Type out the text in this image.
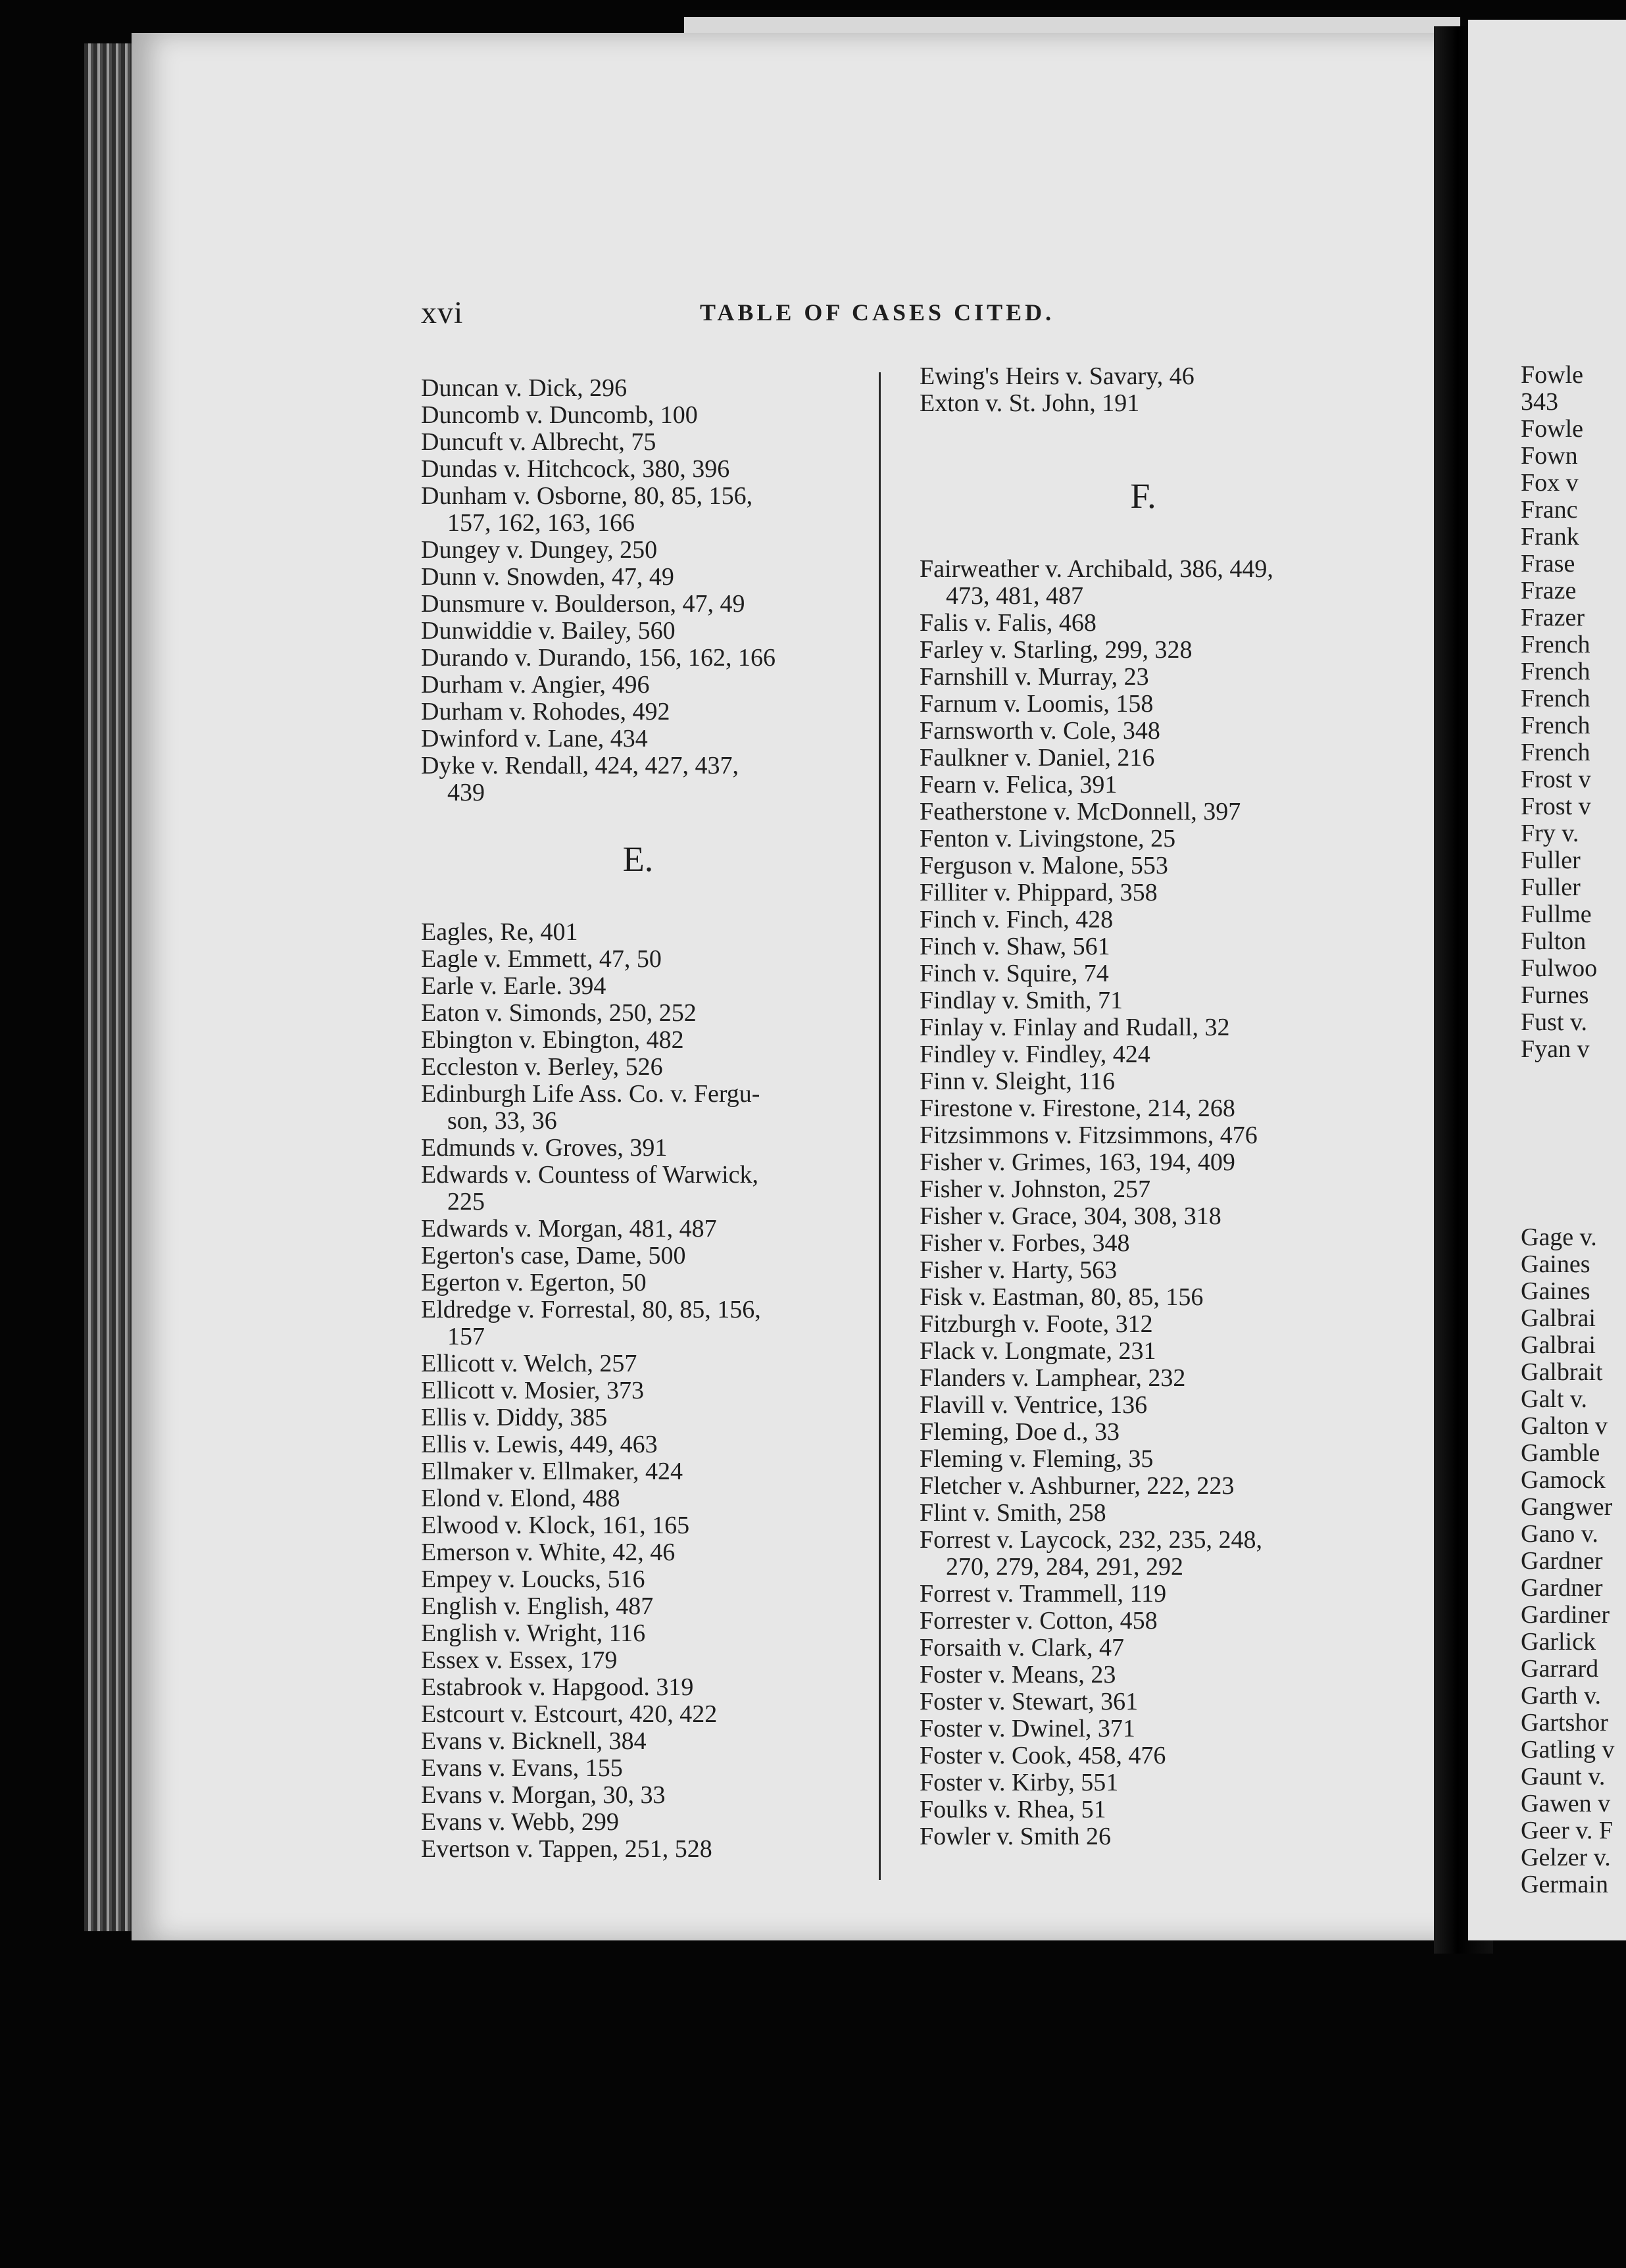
xvi	TABLE OF CASES CITED.
Duncan v. Dick, 296
Duncomb v. Duncomb, 100
Duncuft v. Albrecht, 75
Dundas v. Hitchcock, 380, 396
Dunham v. Osborne, 80, 85, 156,
157, 162, 163, 166
Dungey v. Dungey, 250
Dunn v. Snowden, 47, 49
Dunsmure v. Boulderson, 47, 49
Dunwiddie v. Bailey, 560
Durando v. Durando, 156, 162, 166
Durham v. Angier, 496
Durham v. Rohodes, 492
Dwinford v. Lane, 434
Dyke v. Rendall, 424, 427, 437,
439
E.
Eagles, Re, 401
Eagle v. Emmett, 47, 50
Earle v. Earle. 394
Eaton v. Simonds, 250, 252
Ebington v. Ebington, 482
Eccleston v. Berley, 526
Edinburgh Life Ass. Co. v. Fergu-
son, 33, 36
Edmunds v. Groves, 391
Edwards v. Countess of Warwick,
225
Edwards v. Morgan, 481, 487
Egerton's case, Dame, 500
Egerton v. Egerton, 50
Eldredge v. Forrestal, 80, 85, 156,
157
Ellicott v. Welch, 257
Ellicott v. Mosier, 373
Ellis v. Diddy, 385
Ellis v. Lewis, 449, 463
Ellmaker v. Ellmaker, 424
Elond v. Elond, 488
Elwood v. Klock, 161, 165
Emerson v. White, 42, 46
Empey v. Loucks, 516
English v. English, 487
English v. Wright, 116
Essex v. Essex, 179
Estabrook v. Hapgood. 319
Estcourt v. Estcourt, 420, 422
Evans v. Bicknell, 384
Evans v. Evans, 155
Evans v. Morgan, 30, 33
Evans v. Webb, 299
Evertson v. Tappen, 251, 528
Ewing's Heirs v. Savary, 46
Exton v. St. John, 191
F.
Fairweather v. Archibald, 386, 449,
473, 481, 487
Falis v. Falis, 468
Farley v. Starling, 299, 328
Farnshill v. Murray, 23
Farnum v. Loomis, 158
Farnsworth v. Cole, 348
Faulkner v. Daniel, 216
Fearn v. Felica, 391
Featherstone v. McDonnell, 397
Fenton v. Livingstone, 25
Ferguson v. Malone, 553
Filliter v. Phippard, 358
Finch v. Finch, 428
Finch v. Shaw, 561
Finch v. Squire, 74
Findlay v. Smith, 71
Finlay v. Finlay and Rudall, 32
Findley v. Findley, 424
Finn v. Sleight, 116
Firestone v. Firestone, 214, 268
Fitzsimmons v. Fitzsimmons, 476
Fisher v. Grimes, 163, 194, 409
Fisher v. Johnston, 257
Fisher v. Grace, 304, 308, 318
Fisher v. Forbes, 348
Fisher v. Harty, 563
Fisk v. Eastman, 80, 85, 156
Fitzburgh v. Foote, 312
Flack v. Longmate, 231
Flanders v. Lamphear, 232
Flavill v. Ventrice, 136
Fleming, Doe d., 33
Fleming v. Fleming, 35
Fletcher v. Ashburner, 222, 223
Flint v. Smith, 258
Forrest v. Laycock, 232, 235, 248,
270, 279, 284, 291, 292
Forrest v. Trammell, 119
Forrester v. Cotton, 458
Forsaith v. Clark, 47
Foster v. Means, 23
Foster v. Stewart, 361
Foster v. Dwinel, 371
Foster v. Cook, 458, 476
Foster v. Kirby, 551
Foulks v. Rhea, 51
Fowler v. Smith 26
Fowle
343
Fowle
Fown
Fox v
Franc
Frank
Frase
Fraze
Frazer
French
French
French
French
French
Frost v
Frost v
Fry v.
Fuller
Fuller
Fullme
Fulton
Fulwoo
Furnes
Fust v.
Fyan v
Gage v.
Gaines
Gaines
Galbrai
Galbrai
Galbrait
Galt v.
Galton v
Gamble
Gamock
Gangwer
Gano v.
Gardner
Gardner
Gardiner
Garlick
Garrard
Garth v.
Gartshor
Gatling v
Gaunt v.
Gawen v
Geer v. F
Gelzer v.
Germain
